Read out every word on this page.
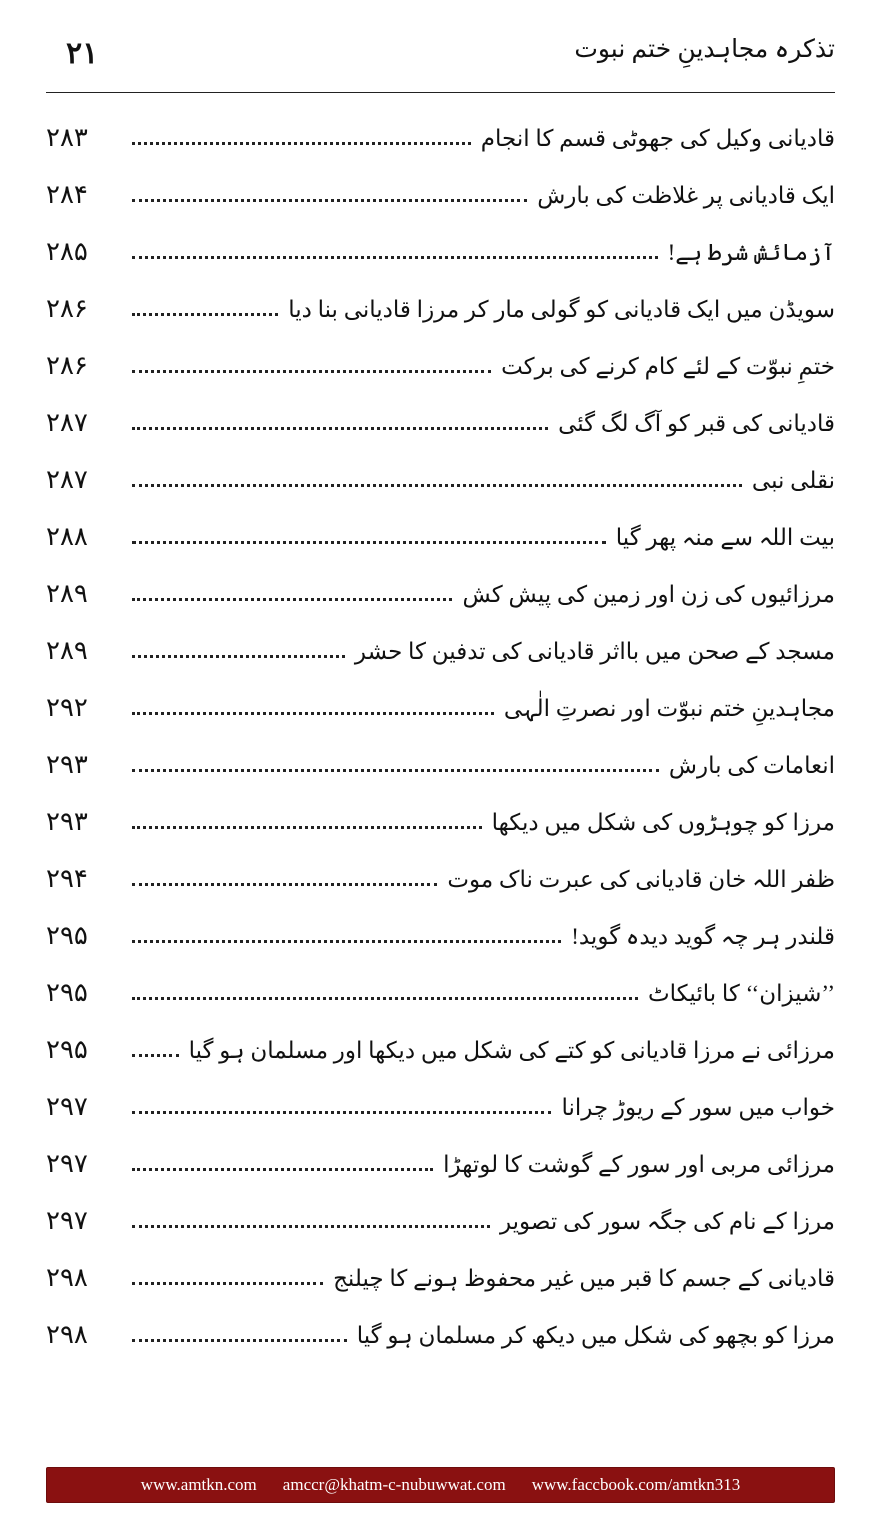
تذکرہ مجاہدینِ ختم نبوت
۲۱
قادیانی وکیل کی جھوٹی قسم کا انجام
۲۸۳
ایک قادیانی پر غلاظت کی بارش
۲۸۴
آزمائش شرط ہے!
۲۸۵
سویڈن میں ایک قادیانی کو گولی مار کر مرزا قادیانی بنا دیا
۲۸۶
ختمِ نبوّت کے لئے کام کرنے کی برکت
۲۸۶
قادیانی کی قبر کو آگ لگ گئی
۲۸۷
نقلی نبی
۲۸۷
بیت اللہ سے منہ پھر گیا
۲۸۸
مرزائیوں کی زن اور زمین کی پیش کش
۲۸۹
مسجد کے صحن میں بااثر قادیانی کی تدفین کا حشر
۲۸۹
مجاہدینِ ختم نبوّت اور نصرتِ الٰہی
۲۹۲
انعامات کی بارش
۲۹۳
مرزا کو چوہڑوں کی شکل میں دیکھا
۲۹۳
ظفر اللہ خان قادیانی کی عبرت ناک موت
۲۹۴
قلندر ہر چہ گوید دیدہ گوید!
۲۹۵
’’شیزان‘‘ کا بائیکاٹ
۲۹۵
مرزائی نے مرزا قادیانی کو کتے کی شکل میں دیکھا اور مسلمان ہو گیا
۲۹۵
خواب میں سور کے ریوڑ چرانا
۲۹۷
مرزائی مربی اور سور کے گوشت کا لوتھڑا
۲۹۷
مرزا کے نام کی جگہ سور کی تصویر
۲۹۷
قادیانی کے جسم کا قبر میں غیر محفوظ ہونے کا چیلنج
۲۹۸
مرزا کو بچھو کی شکل میں دیکھ کر مسلمان ہو گیا
۲۹۸
www.amtkn.com amccr@khatm-c-nubuwwat.com www.faccbook.com/amtkn313
